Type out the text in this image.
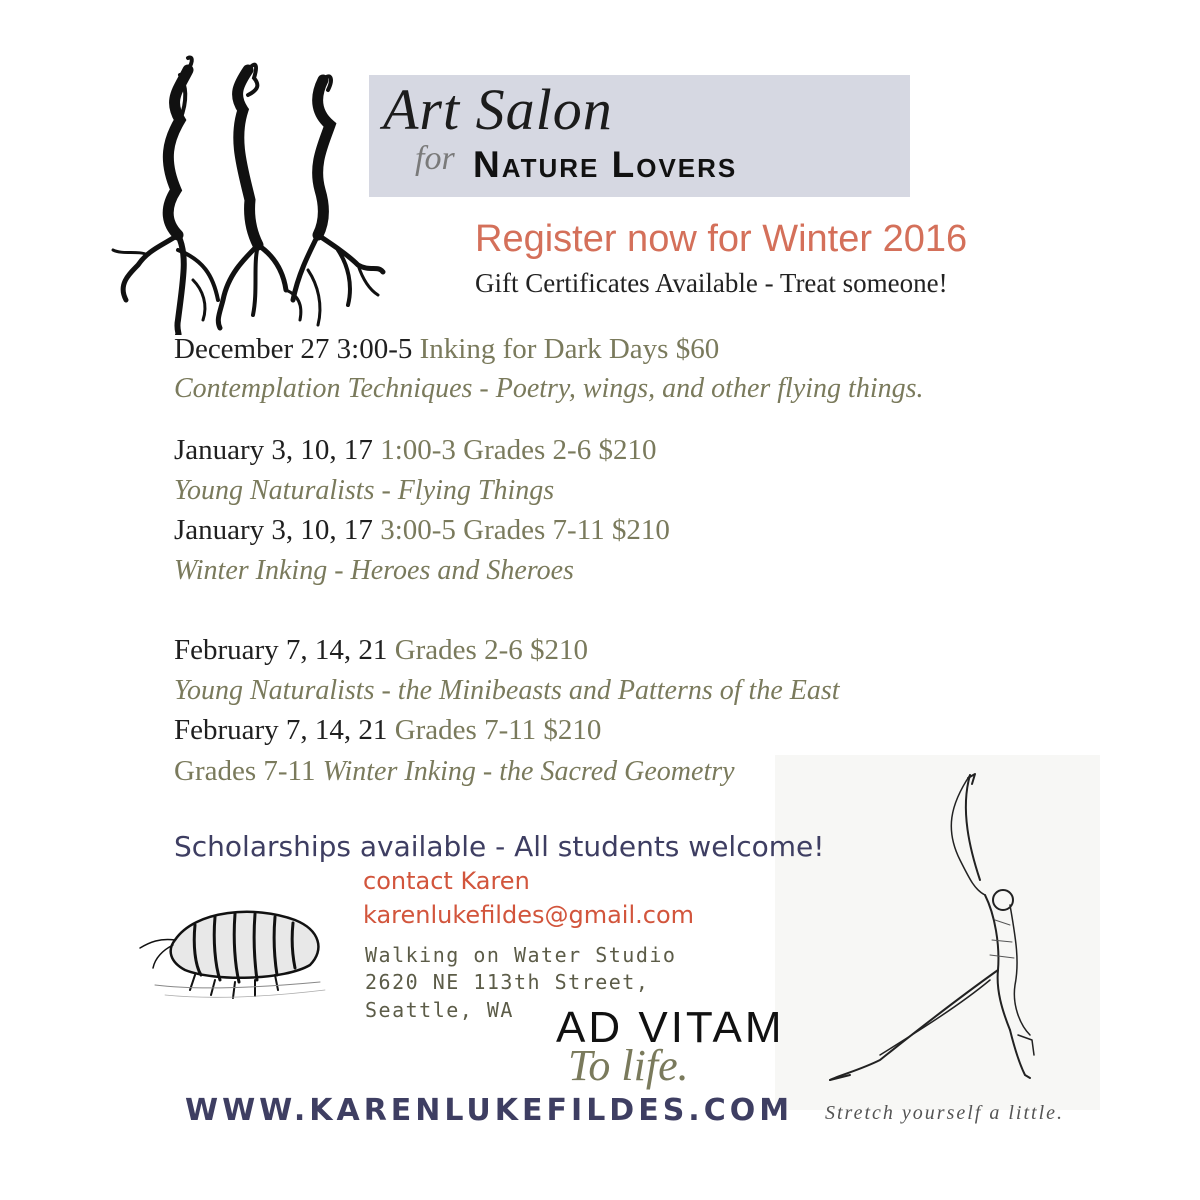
Art Salon
for Nature Lovers
Register now for Winter 2016
Gift Certificates Available - Treat someone!
December 27 3:00-5 Inking for Dark Days $60
Contemplation Techniques - Poetry, wings, and other flying things.
January 3, 10, 17 1:00-3 Grades 2-6 $210
Young Naturalists - Flying Things
January 3, 10, 17 3:00-5 Grades 7-11 $210
Winter Inking - Heroes and Sheroes
February 7, 14, 21 Grades 2-6 $210
Young Naturalists - the Minibeasts and Patterns of the East
February 7, 14, 21 Grades 7-11 $210
Grades 7-11 Winter Inking - the Sacred Geometry
Scholarships available - All students welcome!
contact Karen
karenlukefildes@gmail.com
Walking on Water Studio
2620 NE 113th Street,
Seattle, WA AD VITAM
To life.
WWW.KARENLUKEFILDES.COM Stretch yourself a little.
